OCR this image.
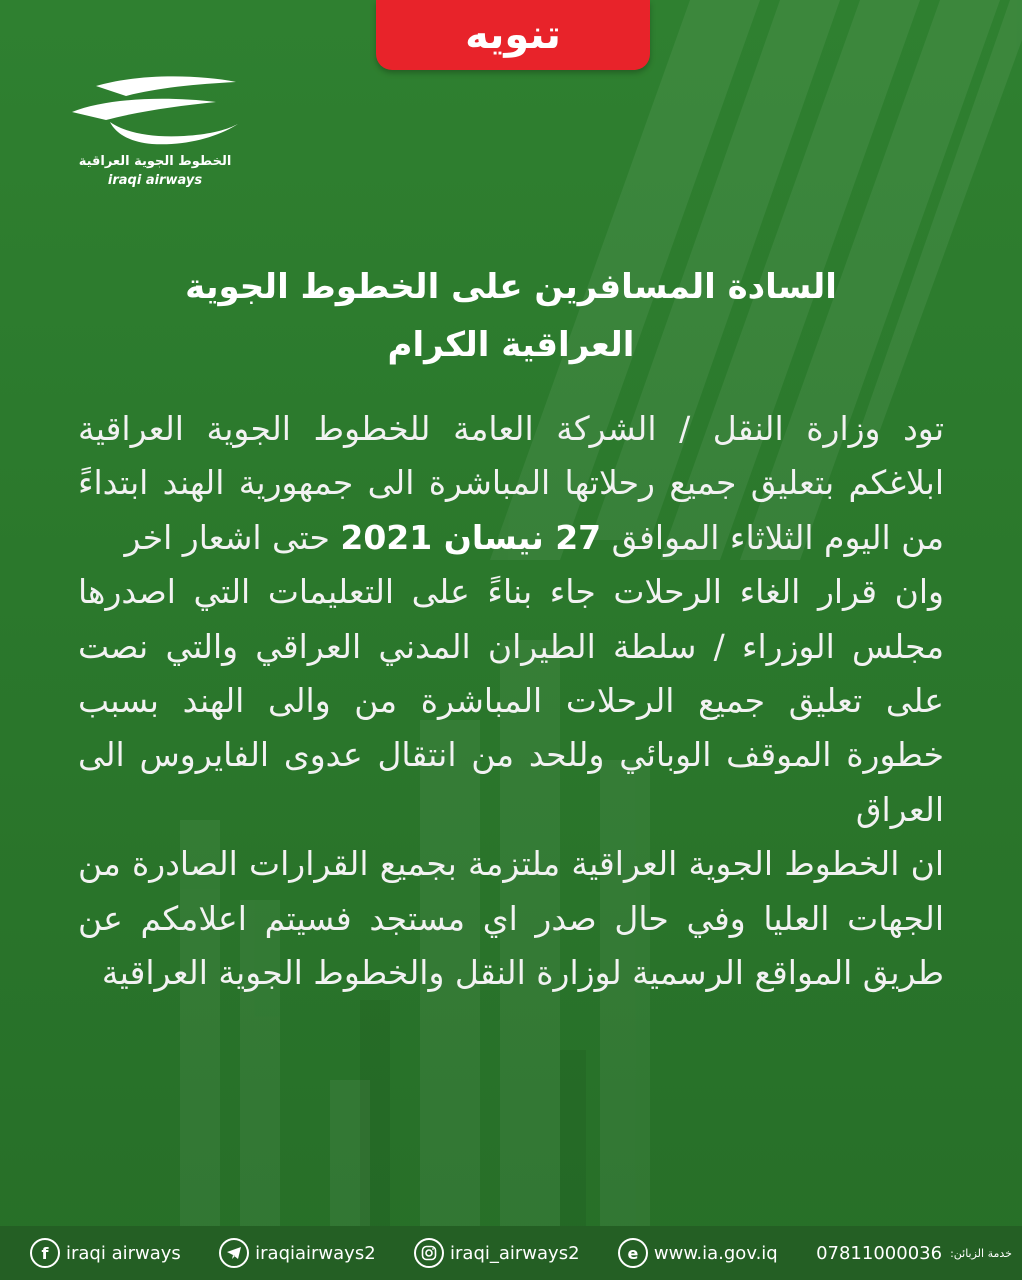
تنويه
الخطوط الجوية العراقية
iraqi airways
السادة المسافرين على الخطوط الجوية
العراقية الكرام

تود وزارة النقل / الشركة العامة للخطوط الجوية العراقية ابلاغكم بتعليق جميع رحلاتها المباشرة الى جمهورية الهند ابتداءً من اليوم الثلاثاء الموافق 27 نيسان 2021 حتى اشعار اخر

وان قرار الغاء الرحلات جاء بناءً على التعليمات التي اصدرها مجلس الوزراء / سلطة الطيران المدني العراقي والتي نصت على تعليق جميع الرحلات المباشرة من والى الهند بسبب خطورة الموقف الوبائي وللحد من انتقال عدوى الفايروس الى العراق

ان الخطوط الجوية العراقية ملتزمة بجميع القرارات الصادرة من الجهات العليا وفي حال صدر اي مستجد فسيتم اعلامكم عن طريق المواقع الرسمية لوزارة النقل والخطوط الجوية العراقية

f iraqi airways	iraqiairways2	iraqi_airways2	e www.ia.gov.iq 07811000036 خدمة الزبائن:
